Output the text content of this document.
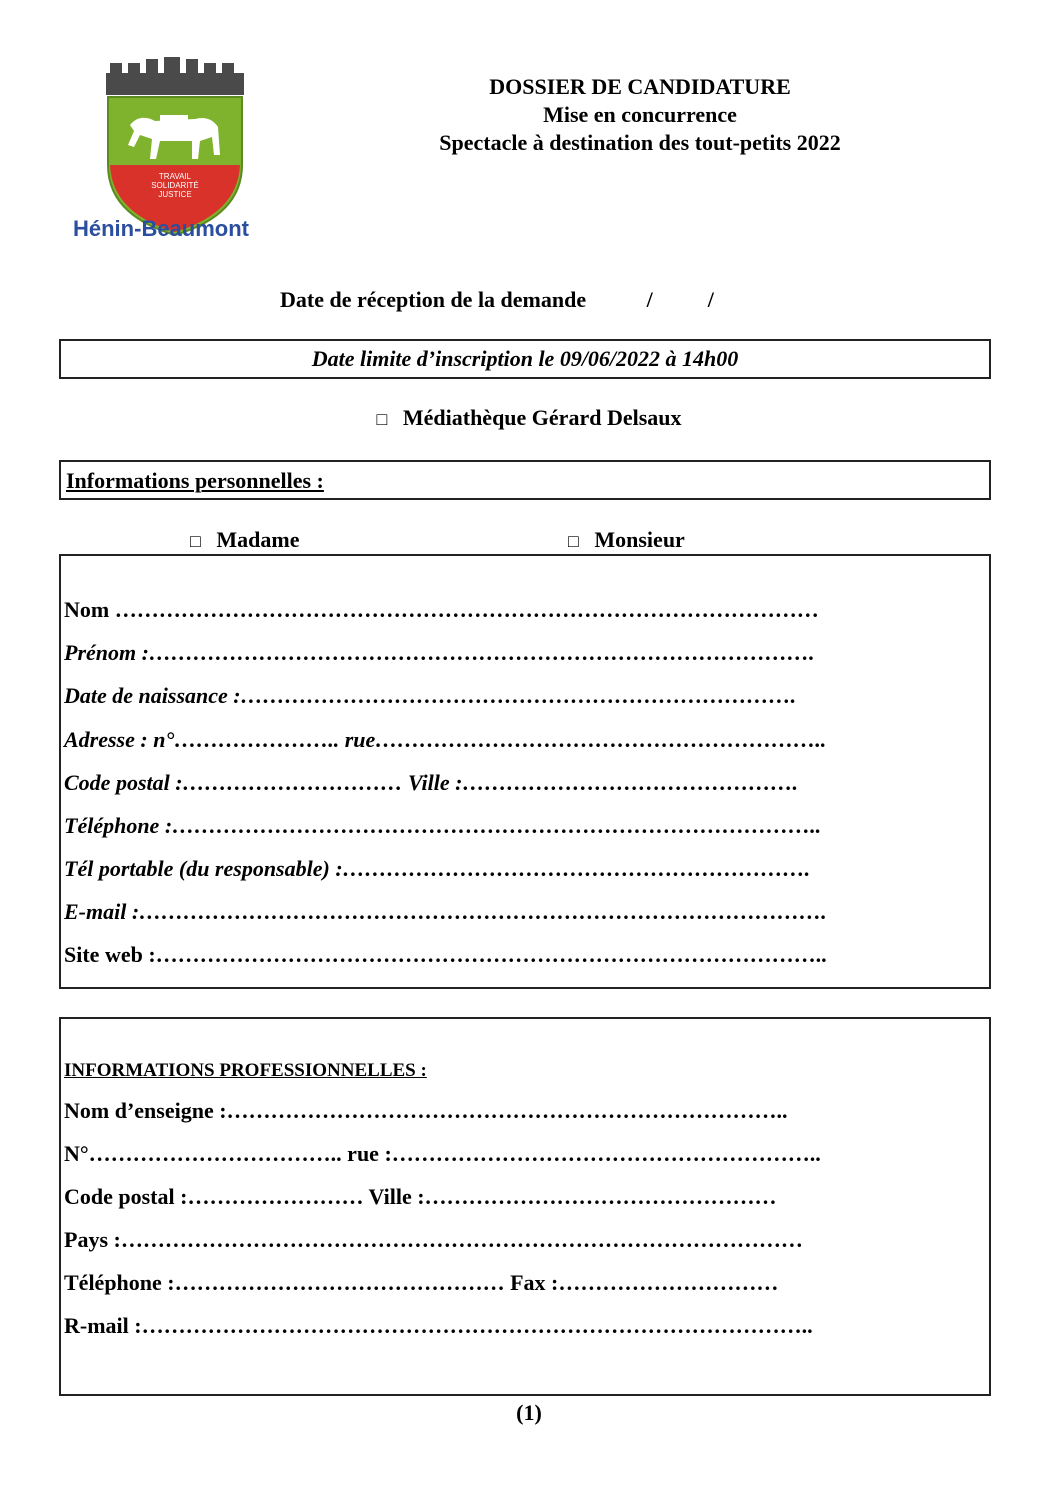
TRAVAIL
SOLIDARITÉ
JUSTICE
Hénin-Beaumont
DOSSIER DE CANDIDATURE
Mise en concurrence
Spectacle à destination des tout-petits 2022
Date de réception de la demande           /          /
Date limite d’inscription le 09/06/2022 à 14h00
□ Médiathèque Gérard Delsaux
Informations personnelles :
□ Madame	□ Monsieur
Nom ……………………………………………………………………………………
Prénom :……………………………………………………………………………….
Date de naissance :………………………………………………………………….
Adresse : n°………………….. rue……………………………………………………..
Code postal :………………………… Ville :……………………………………….
Téléphone :……………………………………………………………………………..
Tél portable (du responsable) :……………………………………………………….
E-mail :………………………………………………………………………………….
Site web :………………………………………………………………………………..
INFORMATIONS PROFESSIONNELLES :
Nom d’enseigne :…………………………………………………………………..
N°…………………………….. rue :…………………………………………………..
Code postal :…………………… Ville :…………………………………………
Pays :…………………………………………………………………………………
Téléphone :……………………………………… Fax :…………………………
R-mail :………………………………………………………………………………..
(1)
